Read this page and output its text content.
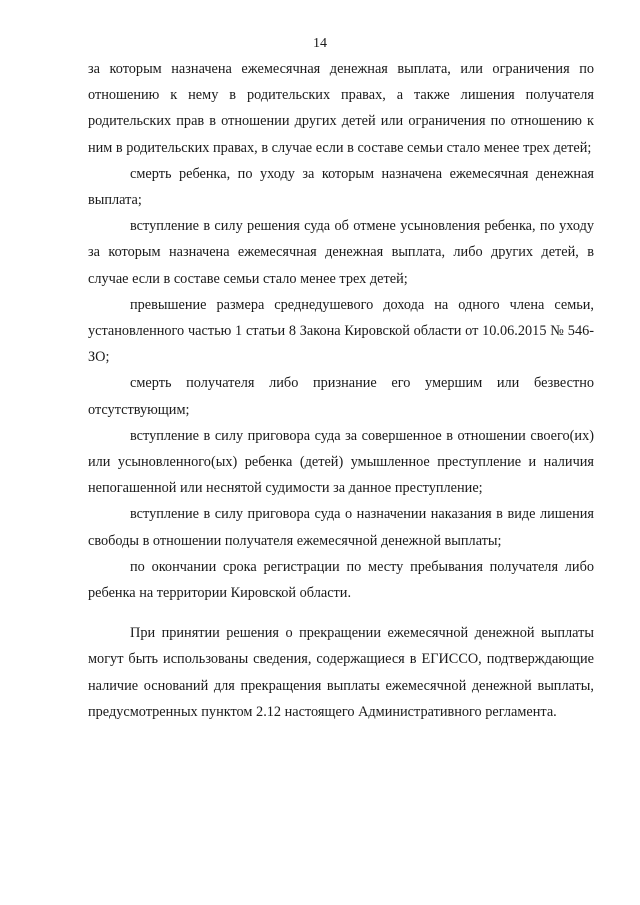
14

за которым назначена ежемесячная денежная выплата, или ограничения по отношению к нему в родительских правах, а также лишения получателя родительских прав в отношении других детей или ограничения по отношению к ним в родительских правах, в случае если в составе семьи стало менее трех детей;

смерть ребенка, по уходу за которым назначена ежемесячная денежная выплата;

вступление в силу решения суда об отмене усыновления ребенка, по уходу за которым назначена ежемесячная денежная выплата, либо других детей, в случае если в составе семьи стало менее трех детей;

превышение размера среднедушевого дохода на одного члена семьи, установленного частью 1 статьи 8 Закона Кировской области от 10.06.2015 № 546-ЗО;

смерть получателя либо признание его умершим или безвестно отсутствующим;

вступление в силу приговора суда за совершенное в отношении своего(их) или усыновленного(ых) ребенка (детей) умышленное преступление и наличия непогашенной или неснятой судимости за данное преступление;

вступление в силу приговора суда о назначении наказания в виде лишения свободы в отношении получателя ежемесячной денежной выплаты;

по окончании срока регистрации по месту пребывания получателя либо ребенка на территории Кировской области.

При принятии решения о прекращении ежемесячной денежной выплаты могут быть использованы сведения, содержащиеся в ЕГИССО, подтверждающие наличие оснований для прекращения выплаты ежемесячной денежной выплаты, предусмотренных пунктом 2.12 настоящего Административного регламента.
